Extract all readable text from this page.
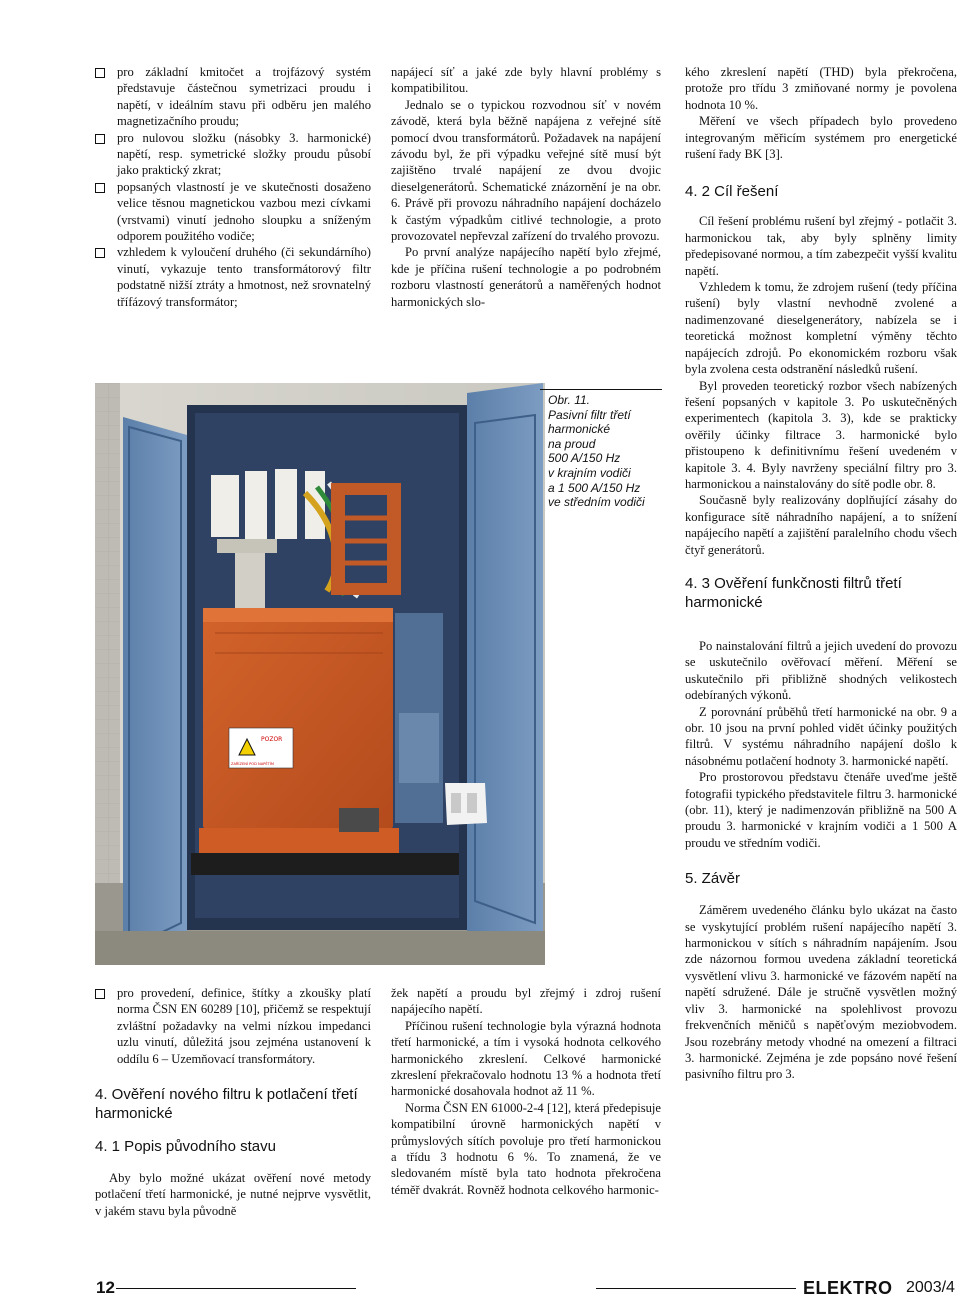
pro základní kmitočet a trojfázový systém představuje částečnou symetrizaci proudu i napětí, v ideálním stavu při odběru jen malého magnetizačního proudu;
pro nulovou složku (násobky 3. harmonické) napětí, resp. symetrické složky proudu působí jako praktický zkrat;
popsaných vlastností je ve skutečnosti dosaženo velice těsnou magnetickou vazbou mezi cívkami (vrstvami) vinutí jednoho sloupku a sníženým odporem použitého vodiče;
vzhledem k vyloučení druhého (či sekundárního) vinutí, vykazuje tento transformátorový filtr podstatně nižší ztráty a hmotnost, než srovnatelný třífázový transformátor;

napájecí síť a jaké zde byly hlavní problémy s kompatibilitou.

Jednalo se o typickou rozvodnou síť v novém závodě, která byla běžně napájena z veřejné sítě pomocí dvou transformátorů. Požadavek na napájení závodu byl, že při výpadku veřejné sítě musí být zajištěno trvalé napájení ze dvou dvojic dieselgenerátorů. Schematické znázornění je na obr. 6. Právě při provozu náhradního napájení docházelo k častým výpadkům citlivé technologie, a proto provozovatel nepřevzal zařízení do trvalého provozu.

Po první analýze napájecího napětí bylo zřejmé, kde je příčina rušení technologie a po podrobném rozboru vlastností generátorů a naměřených hodnot harmonických slo-

POZOR
ZAŘÍZENÍ POD NAPĚTÍM
Obr. 11.
Pasivní filtr třetí
harmonické
na proud
500 A/150 Hz
v krajním vodiči
a 1 500 A/150 Hz
ve středním vodiči
pro provedení, definice, štítky a zkoušky platí norma ČSN EN 60289 [10], přičemž se respektují zvláštní požadavky na velmi nízkou impedanci uzlu vinutí, důležitá jsou zejména ustanovení k oddílu 6 – Uzemňovací transformátory.
4. Ověření nového filtru k potlačení třetí harmonické
4. 1 Popis původního stavu

Aby bylo možné ukázat ověření nové metody potlačení třetí harmonické, je nutné nejprve vysvětlit, v jakém stavu byla původně

žek napětí a proudu byl zřejmý i zdroj rušení napájecího napětí.

Příčinou rušení technologie byla výrazná hodnota třetí harmonické, a tím i vysoká hodnota celkového harmonického zkreslení. Celkové harmonické zkreslení překračovalo hodnotu 13 % a hodnota třetí harmonické dosahovala hodnot až 11 %.

Norma ČSN EN 61000-2-4 [12], která předepisuje kompatibilní úrovně harmonických napětí v průmyslových sítích povoluje pro třetí harmonickou a třídu 3 hodnotu 6 %. To znamená, že ve sledovaném místě byla tato hodnota překročena téměř dvakrát. Rovněž hodnota celkového harmonic-

kého zkreslení napětí (THD) byla překročena, protože pro třídu 3 zmiňované normy je povolena hodnota 10 %.

Měření ve všech případech bylo provedeno integrovaným měřicím systémem pro energetické rušení řady BK [3].

4. 2 Cíl řešení

Cíl řešení problému rušení byl zřejmý - potlačit 3. harmonickou tak, aby byly splněny limity předepisované normou, a tím zabezpečit vyšší kvalitu napětí.

Vzhledem k tomu, že zdrojem rušení (tedy příčina rušení) byly vlastní nevhodně zvolené a nadimenzované dieselgenerátory, nabízela se i teoretická možnost kompletní výměny těchto napájecích zdrojů. Po ekonomickém rozboru však byla zvolena cesta odstranění následků rušení.

Byl proveden teoretický rozbor všech nabízených řešení popsaných v kapitole 3. Po uskutečněných experimentech (kapitola 3. 3), kde se prakticky ověřily účinky filtrace 3. harmonické bylo přistoupeno k definitivnímu řešení uvedeném v kapitole 3. 4. Byly navrženy speciální filtry pro 3. harmonickou a nainstalovány do sítě podle obr. 8.

Současně byly realizovány doplňující zásahy do konfigurace sítě náhradního napájení, a to snížení napájecího napětí a zajištění paralelního chodu všech čtyř generátorů.

4. 3 Ověření funkčnosti filtrů třetí harmonické

Po nainstalování filtrů a jejich uvedení do provozu se uskutečnilo ověřovací měření. Měření se uskutečnilo při přibližně shodných velikostech odebíraných výkonů.

Z porovnání průběhů třetí harmonické na obr. 9 a obr. 10 jsou na první pohled vidět účinky použitých filtrů. V systému náhradního napájení došlo k násobnému potlačení hodnoty 3. harmonické napětí.

Pro prostorovou představu čtenáře uveďme ještě fotografii typického představitele filtru 3. harmonické (obr. 11), který je nadimenzován přibližně na 500 A proudu 3. harmonické v krajním vodiči a 1 500 A proudu ve středním vodiči.

5. Závěr

Záměrem uvedeného článku bylo ukázat na často se vyskytující problém rušení napájecího napětí 3. harmonickou v sítích s náhradním napájením. Jsou zde názornou formou uvedena základní teoretická vysvětlení vlivu 3. harmonické ve fázovém napětí na napětí sdružené. Dále je stručně vysvětlen možný vliv 3. harmonické na spolehlivost provozu frekvenčních měničů s napěťovým meziobvodem. Jsou rozebrány metody vhodné na omezení a filtraci 3. harmonické. Zejména je zde popsáno nové řešení pasivního filtru pro 3.

12	ELEKTRO 2003/4
